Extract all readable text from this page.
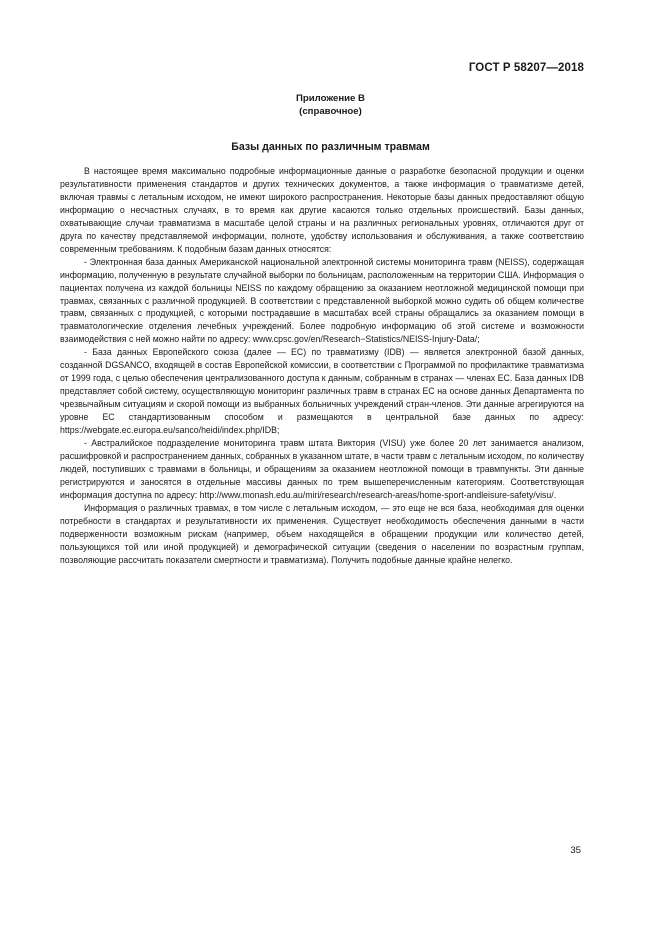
ГОСТ Р 58207—2018
Приложение В
(справочное)
Базы данных по различным травмам

В настоящее время максимально подробные информационные данные о разработке безопасной продукции и оценки результативности применения стандартов и других технических документов, а также информация о травматизме детей, включая травмы с летальным исходом, не имеют широкого распространения. Некоторые базы данных предоставляют общую информацию о несчастных случаях, в то время как другие касаются только отдельных происшествий. Базы данных, охватывающие случаи травматизма в масштабе целой страны и на различных региональных уровнях, отличаются друг от друга по качеству представляемой информации, полноте, удобству использования и обслуживания, а также соответствию современным требованиям. К подобным базам данных относятся:

- Электронная база данных Американской национальной электронной системы мониторинга травм (NEISS), содержащая информацию, полученную в результате случайной выборки по больницам, расположенным на территории США. Информация о пациентах получена из каждой больницы NEISS по каждому обращению за оказанием неотложной медицинской помощи при травмах, связанных с различной продукцией. В соответствии с представленной выборкой можно судить об общем количестве травм, связанных с продукцией, с которыми пострадавшие в масштабах всей страны обращались за оказанием помощи в травматологические отделения лечебных учреждений. Более подробную информацию об этой системе и возможности взаимодействия с ней можно найти по адресу: www.cpsc.gov/en/Research−Statistics/NEISS-Injury-Data/;

- База данных Европейского союза (далее — ЕС) по травматизму (IDB) — является электронной базой данных, созданной DGSANCO, входящей в состав Европейской комиссии, в соответствии с Программой по профилактике травматизма от 1999 года, с целью обеспечения централизованного доступа к данным, собранным в странах — членах ЕС. База данных IDB представляет собой систему, осуществляющую мониторинг различных травм в странах ЕС на основе данных Департамента по чрезвычайным ситуациям и скорой помощи из выбранных больничных учреждений стран-членов. Эти данные агрегируются на уровне ЕС стандартизованным способом и размещаются в центральной базе данных по адресу: https://webgate.ec.europa.eu/sanco/heidi/index.php/IDB;

- Австралийское подразделение мониторинга травм штата Виктория (VISU) уже более 20 лет занимается анализом, расшифровкой и распространением данных, собранных в указанном штате, в части травм с летальным исходом, по количеству людей, поступивших с травмами в больницы, и обращениям за оказанием неотложной помощи в травмпункты. Эти данные регистрируются и заносятся в отдельные массивы данных по трем вышеперечисленным категориям. Соответствующая информация доступна по адресу: http://www.monash.edu.au/miri/research/research-areas/home-sport-andleisure-safety/visu/.

Информация о различных травмах, в том числе с летальным исходом, — это еще не вся база, необходимая для оценки потребности в стандартах и результативности их применения. Существует необходимость обеспечения данными в части подверженности возможным рискам (например, объем находящейся в обращении продукции или количество детей, пользующихся той или иной продукцией) и демографической ситуации (сведения о населении по возрастным группам, позволяющие рассчитать показатели смертности и травматизма). Получить подобные данные крайне нелегко.

35
